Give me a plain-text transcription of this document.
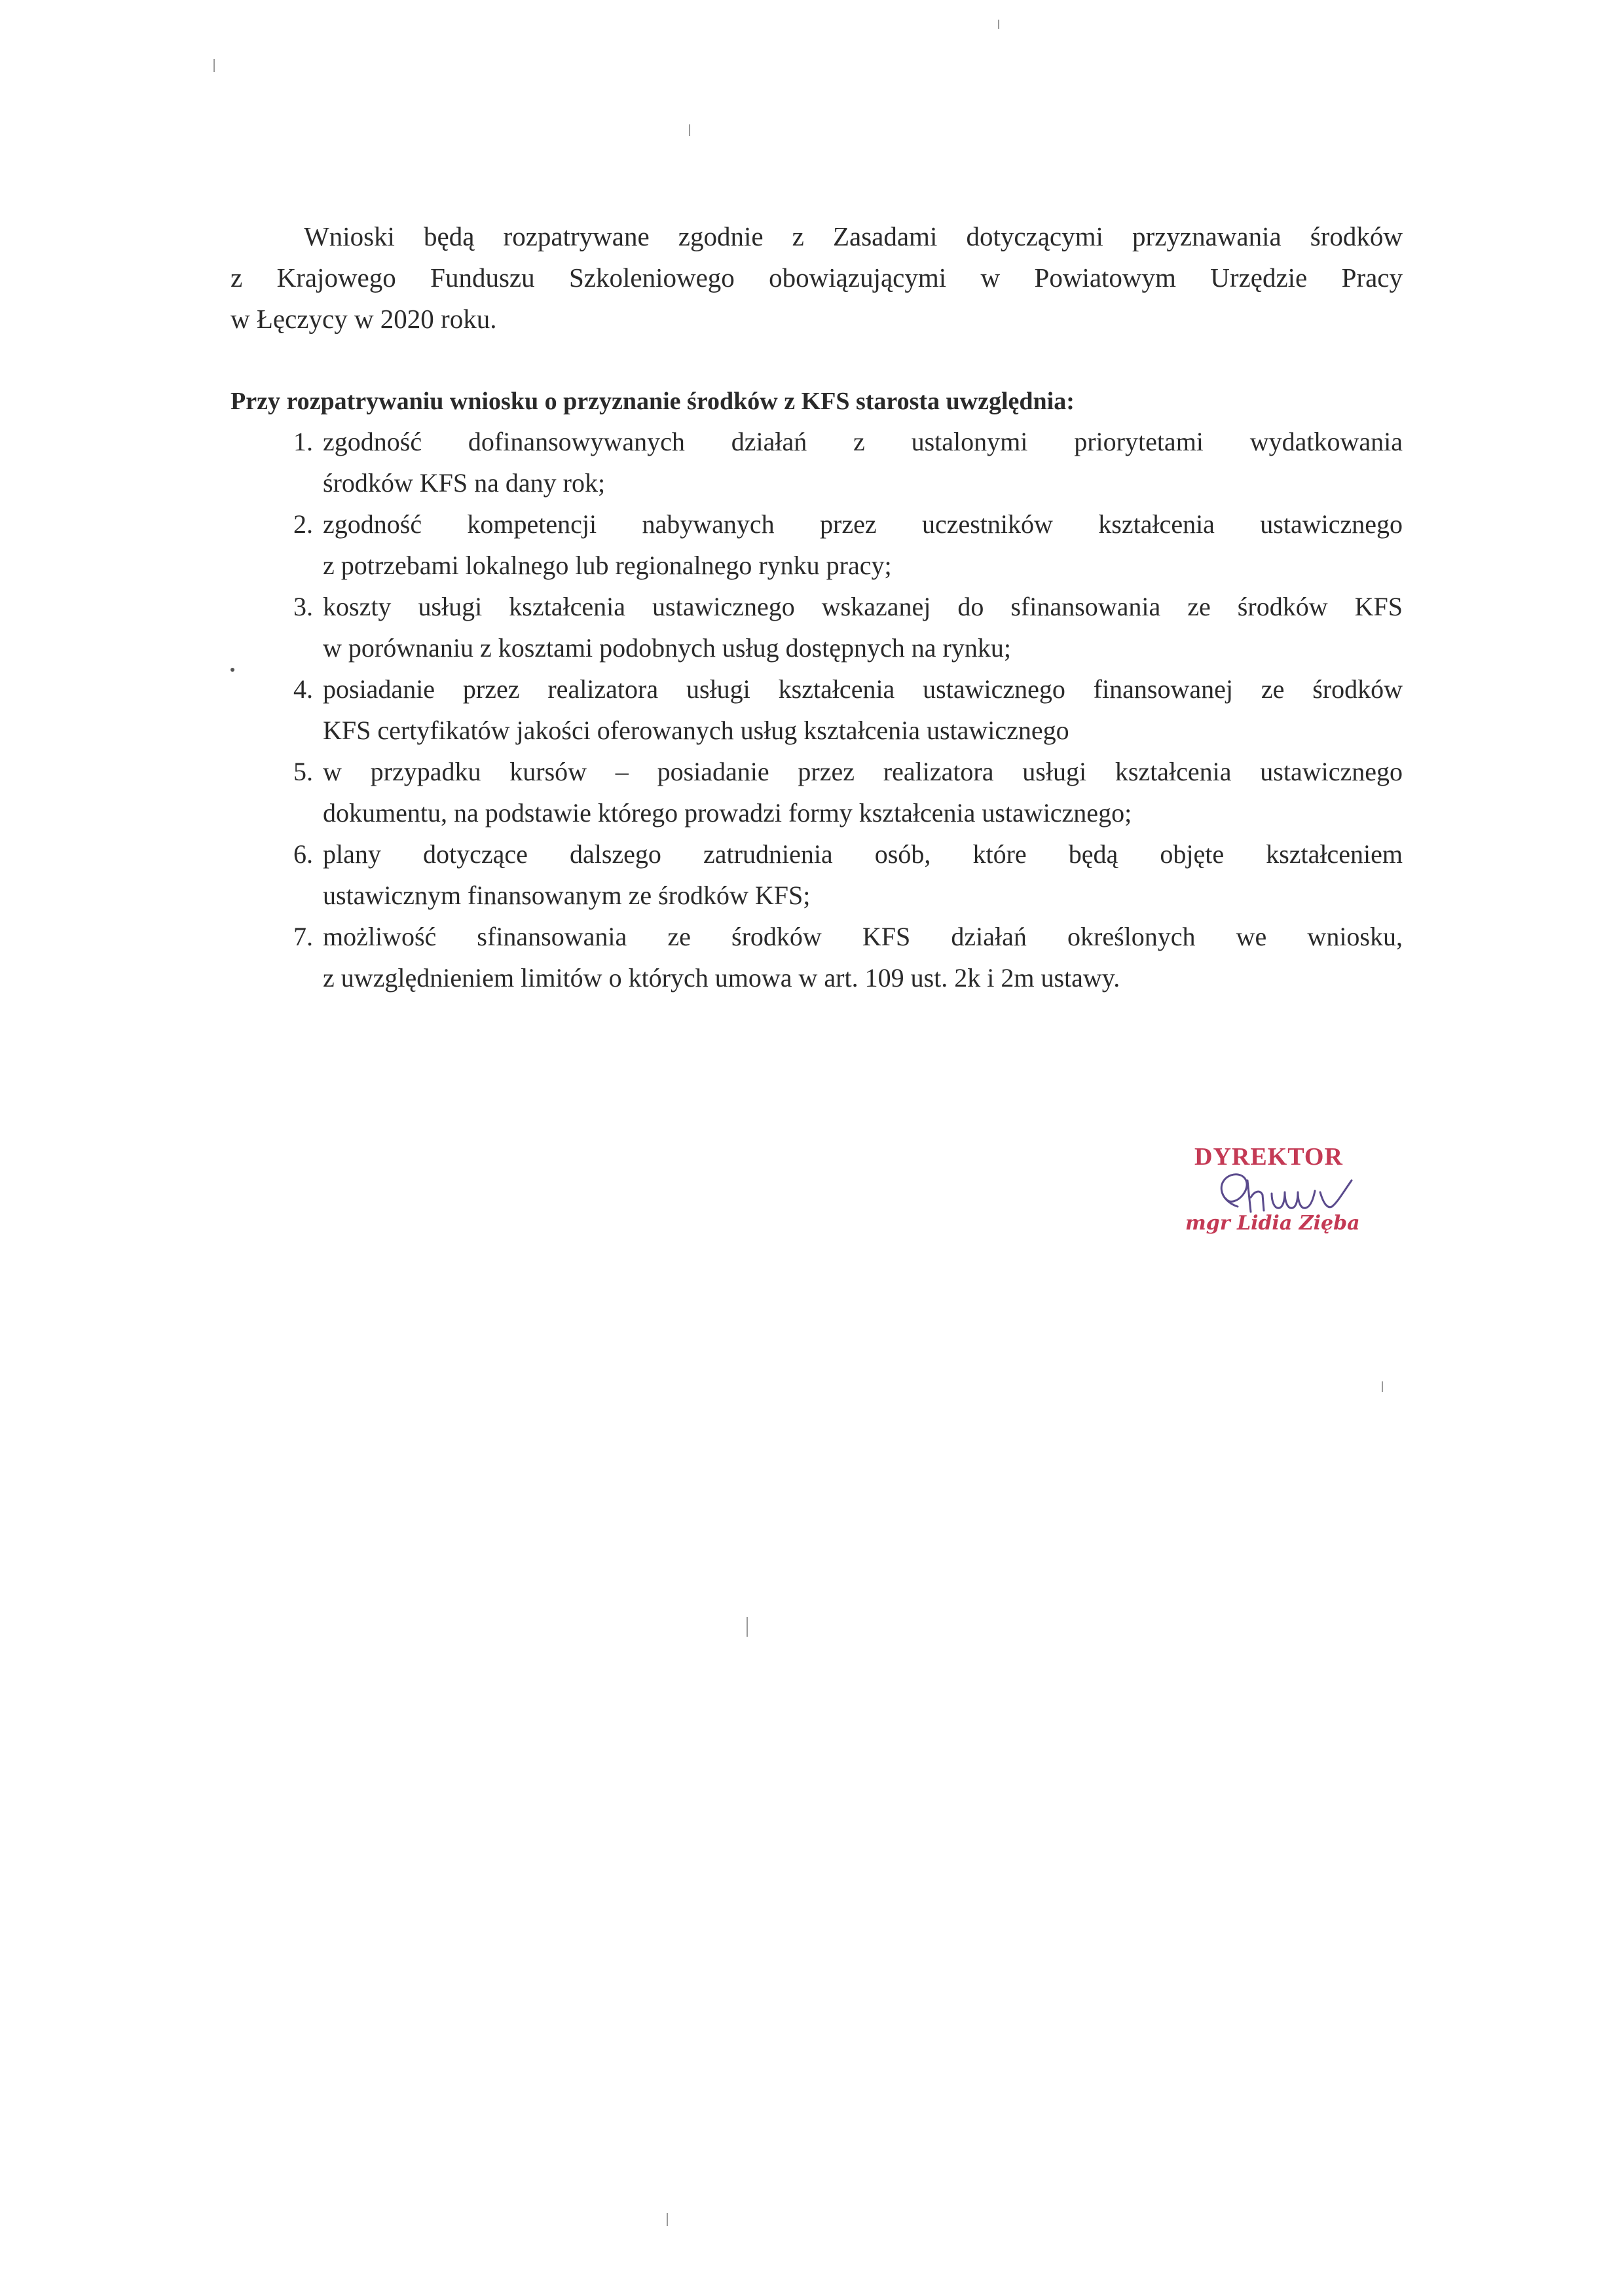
Wnioski będą rozpatrywane zgodnie z Zasadami dotyczącymi przyznawania środków
z Krajowego Funduszu Szkoleniowego obowiązującymi w Powiatowym Urzędzie Pracy
w Łęczycy w 2020 roku.
Przy rozpatrywaniu wniosku o przyznanie środków z KFS starosta uwzględnia:
1. zgodność dofinansowywanych działań z ustalonymi priorytetami wydatkowania
środków KFS na dany rok;
2. zgodność kompetencji nabywanych przez uczestników kształcenia ustawicznego
z potrzebami lokalnego lub regionalnego rynku pracy;
3. koszty usługi kształcenia ustawicznego wskazanej do sfinansowania ze środków KFS
w porównaniu z kosztami podobnych usług dostępnych na rynku;
4. posiadanie przez realizatora usługi kształcenia ustawicznego finansowanej ze środków
KFS certyfikatów jakości oferowanych usług kształcenia ustawicznego
5. w przypadku kursów – posiadanie przez realizatora usługi kształcenia ustawicznego
dokumentu, na podstawie którego prowadzi formy kształcenia ustawicznego;
6. plany dotyczące dalszego zatrudnienia osób, które będą objęte kształceniem
ustawicznym finansowanym ze środków KFS;
7. możliwość sfinansowania ze środków KFS działań określonych we wniosku,
z uwzględnieniem limitów o których umowa w art. 109 ust. 2k i 2m ustawy.
DYREKTOR
mgr Lidia Zięba
